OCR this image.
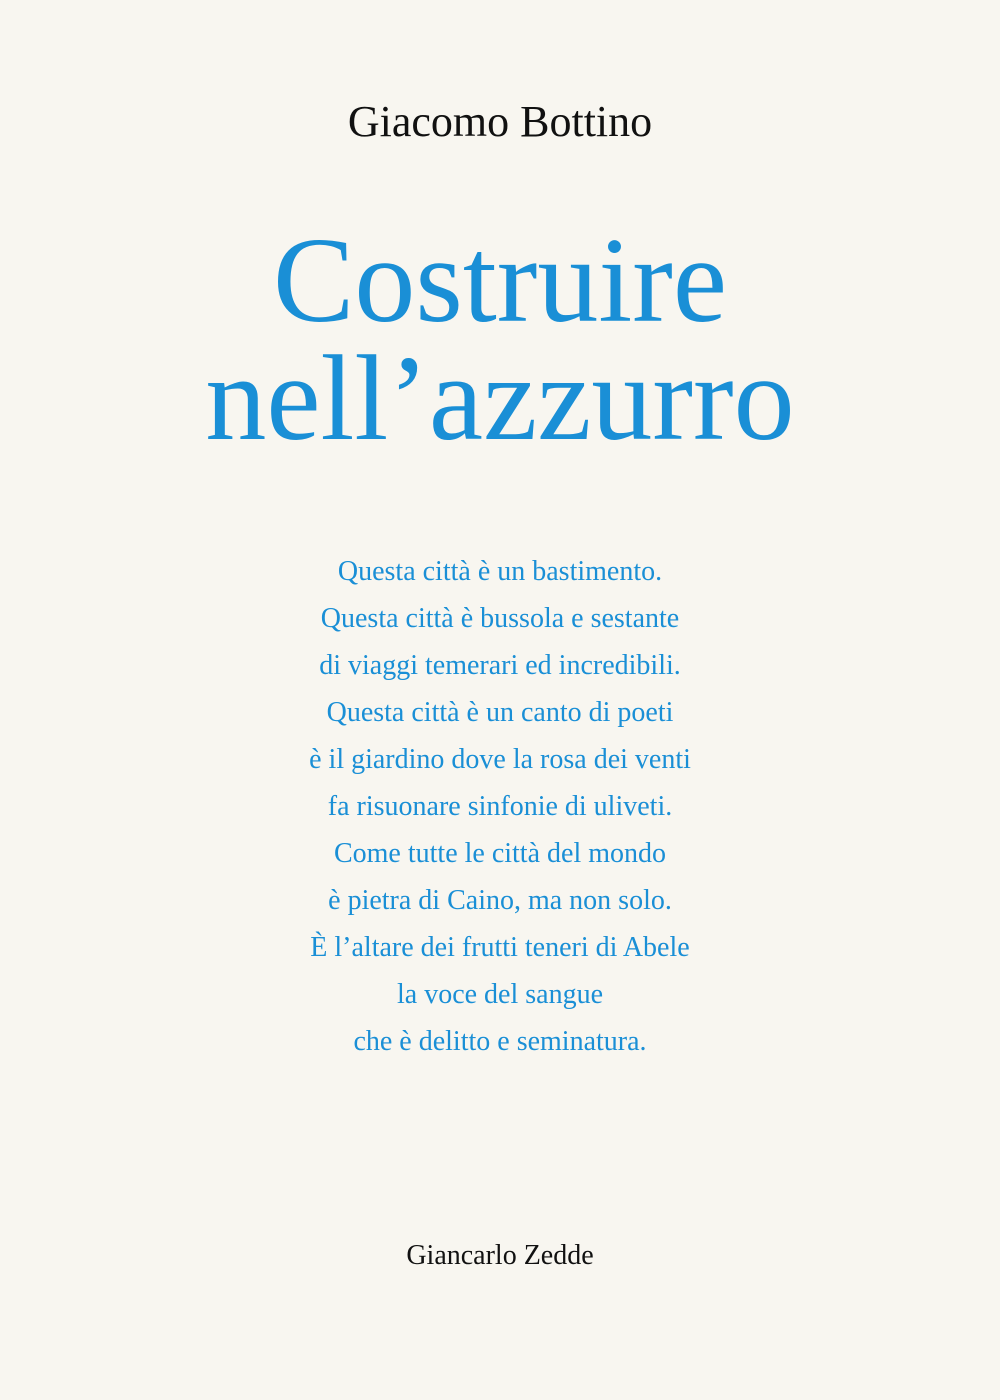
Giacomo Bottino
Costruire
nell’azzurro
Questa città è un bastimento.
Questa città è bussola e sestante
di viaggi temerari ed incredibili.
Questa città è un canto di poeti
è il giardino dove la rosa dei venti
fa risuonare sinfonie di uliveti.
Come tutte le città del mondo
è pietra di Caino, ma non solo.
È l’altare dei frutti teneri di Abele
la voce del sangue
che è delitto e seminatura.
Giancarlo Zedde
